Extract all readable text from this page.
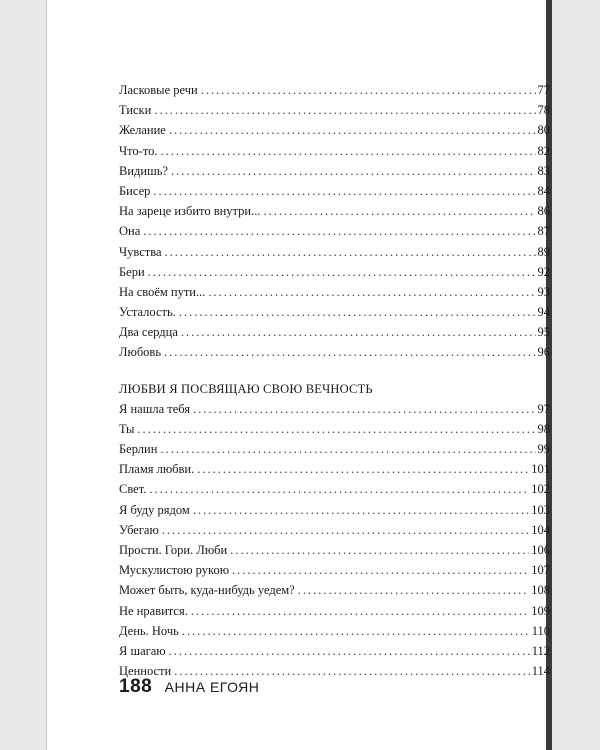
Ласковые речи .....	77
Тиски .....	78
Желание .....	80
Что-то. .....	82
Видишь? .....	83
Бисер .....	84
На зареце избито внутри... .....	86
Она .....	87
Чувства .....	89
Бери .....	92
На своём пути... .....	93
Усталость. .....	94
Два сердца .....	95
Любовь .....	96
ЛЮБВИ Я ПОСВЯЩАЮ СВОЮ ВЕЧНОСТЬ
Я нашла тебя .....	97
Ты .....	98
Берлин .....	99
Пламя любви. .....	101
Свет. .....	102
Я буду рядом .....	103
Убегаю .....	104
Прости. Гори. Люби .....	106
Мускулистою рукою .....	107
Может быть, куда-нибудь уедем? .....	108
Не нравится. .....	109
День. Ночь .....	110
Я шагаю .....	112
Ценности .....	114
188 АННА ЕГОЯН
